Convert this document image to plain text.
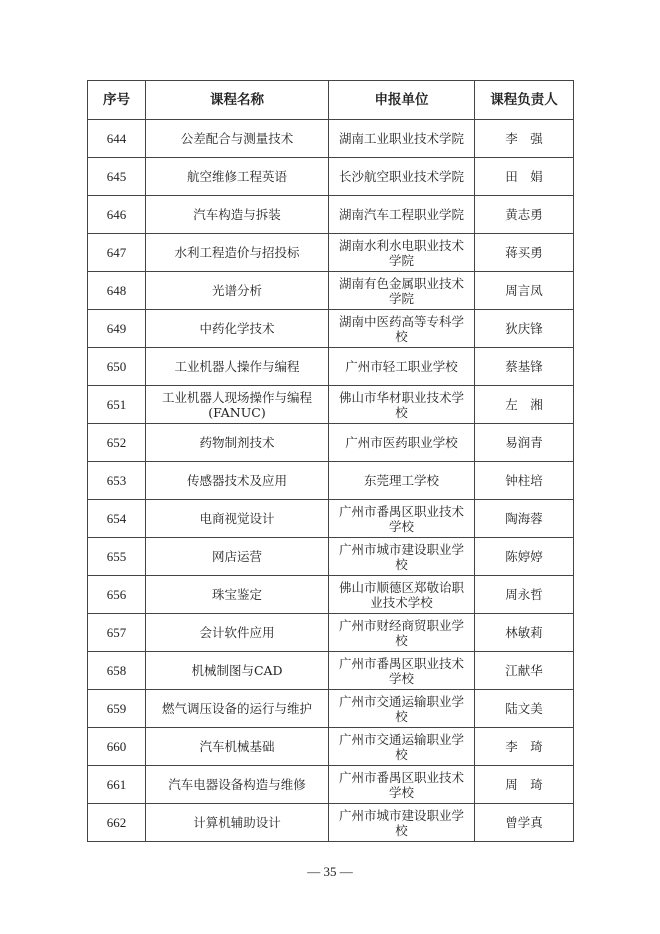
序号	课程名称	申报单位	课程负责人
644	公差配合与测量技术	湖南工业职业技术学院	李　强
645	航空维修工程英语	长沙航空职业技术学院	田　娟
646	汽车构造与拆装	湖南汽车工程职业学院	黄志勇
647	水利工程造价与招投标	湖南水利水电职业技术学院	蒋买勇
648	光谱分析	湖南有色金属职业技术学院	周言凤
649	中药化学技术	湖南中医药高等专科学校	狄庆锋
650	工业机器人操作与编程	广州市轻工职业学校	蔡基锋
651	工业机器人现场操作与编程(FANUC)	佛山市华材职业技术学校	左　湘
652	药物制剂技术	广州市医药职业学校	易润青
653	传感器技术及应用	东莞理工学校	钟柱培
654	电商视觉设计	广州市番禺区职业技术学校	陶海蓉
655	网店运营	广州市城市建设职业学校	陈婷婷
656	珠宝鉴定	佛山市顺德区郑敬诒职业技术学校	周永哲
657	会计软件应用	广州市财经商贸职业学校	林敏莉
658	机械制图与CAD	广州市番禺区职业技术学校	江献华
659	燃气调压设备的运行与维护	广州市交通运输职业学校	陆文美
660	汽车机械基础	广州市交通运输职业学校	李　琦
661	汽车电器设备构造与维修	广州市番禺区职业技术学校	周　琦
662	计算机辅助设计	广州市城市建设职业学校	曾学真
— 35 —
